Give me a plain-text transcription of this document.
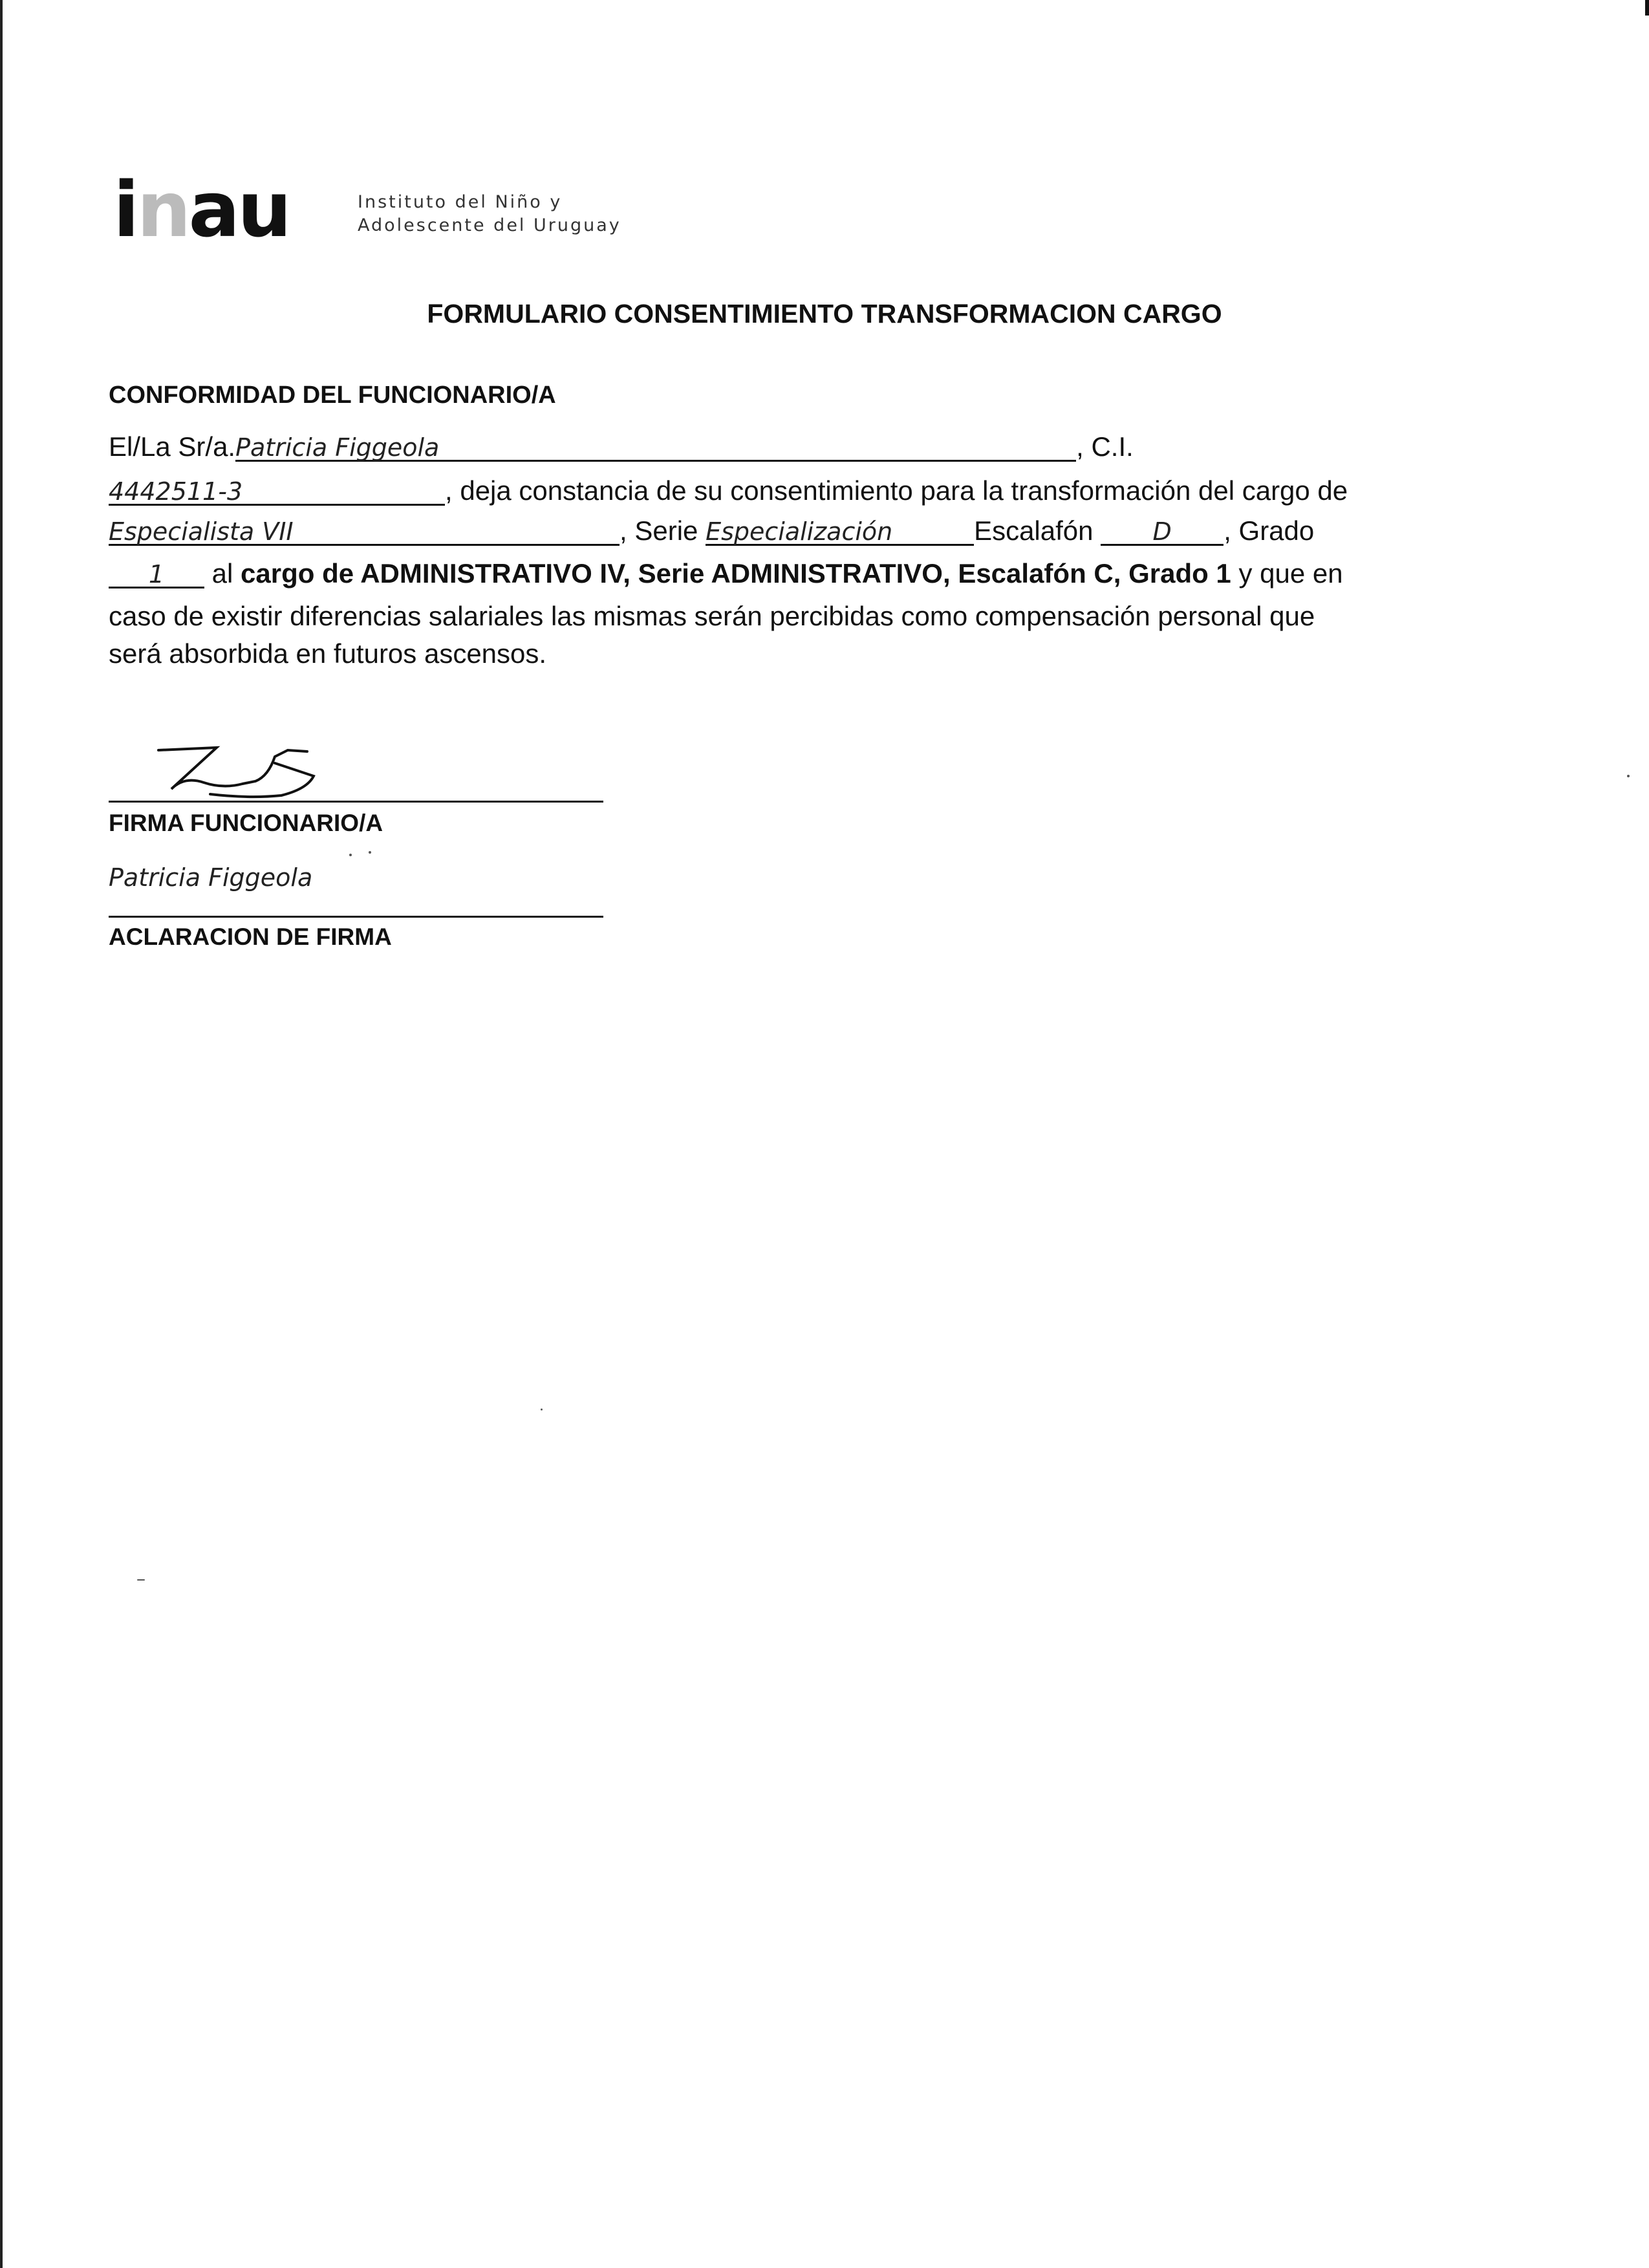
inau	Instituto del Niño y
Adolescente del Uruguay
FORMULARIO CONSENTIMIENTO TRANSFORMACION CARGO
CONFORMIDAD DEL FUNCIONARIO/A
El/La Sr/a.Patricia Figgeola	, C.I.
4442511-3	, deja constancia de su consentimiento para la transformación del cargo de
Especialista VII	, Serie Especialización	Escalafón D , Grado
1 al cargo de ADMINISTRATIVO IV, Serie ADMINISTRATIVO, Escalafón C, Grado 1 y que en
caso de existir diferencias salariales las mismas serán percibidas como compensación personal que
será absorbida en futuros ascensos.
FIRMA FUNCIONARIO/A
Patricia Figgeola
ACLARACION DE FIRMA
